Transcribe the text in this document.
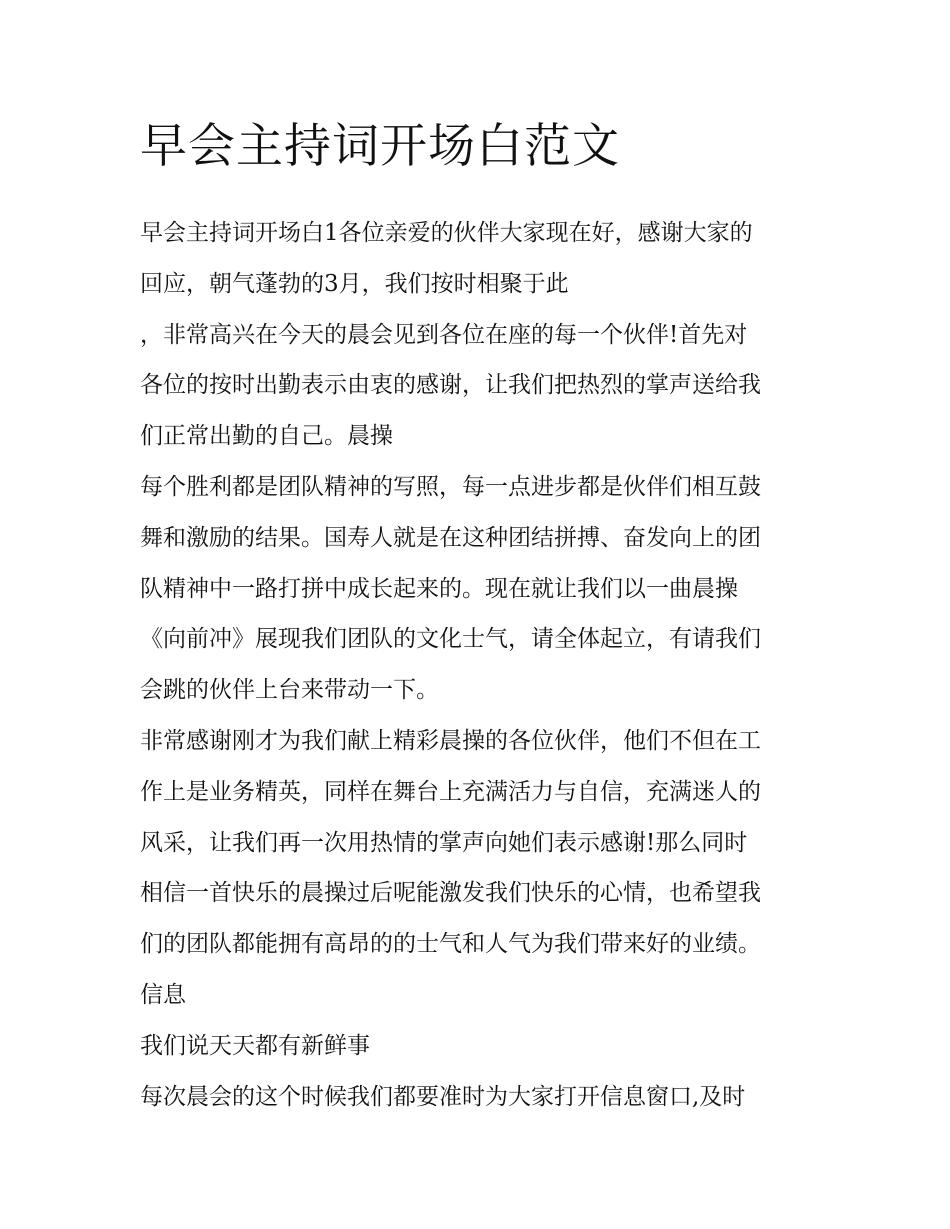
早会主持词开场白范文

早会主持词开场白1各位亲爱的伙伴大家现在好，感谢大家的
回应，朝气蓬勃的3月，我们按时相聚于此

，非常高兴在今天的晨会见到各位在座的每一个伙伴!首先对
各位的按时出勤表示由衷的感谢，让我们把热烈的掌声送给我
们正常出勤的自己。晨操

每个胜利都是团队精神的写照，每一点进步都是伙伴们相互鼓
舞和激励的结果。国寿人就是在这种团结拼搏、奋发向上的团
队精神中一路打拼中成长起来的。现在就让我们以一曲晨操
《向前冲》展现我们团队的文化士气，请全体起立，有请我们
会跳的伙伴上台来带动一下。

非常感谢刚才为我们献上精彩晨操的各位伙伴，他们不但在工
作上是业务精英，同样在舞台上充满活力与自信，充满迷人的
风采，让我们再一次用热情的掌声向她们表示感谢!那么同时
相信一首快乐的晨操过后呢能激发我们快乐的心情，也希望我
们的团队都能拥有高昂的的士气和人气为我们带来好的业绩。

信息

我们说天天都有新鲜事

每次晨会的这个时候我们都要准时为大家打开信息窗口,及时
